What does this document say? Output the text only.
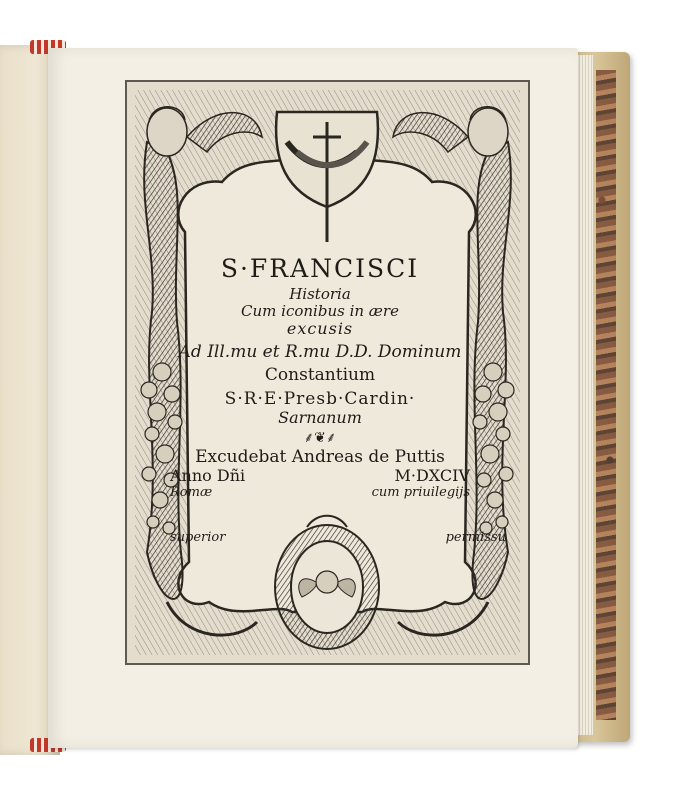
S·FRANCISCI
Historia
Cum iconibus in ære
excusis
Ad Ill.mu et R.mu D.D. Dominum
Constantium
S·R·E·Presb·Cardin·
Sarnanum
⸙❦⸙
Excudebat Andreas de Puttis
Anno Dñi	M·DXCIV
Romæ	cum priuilegijs
superior	permissu
